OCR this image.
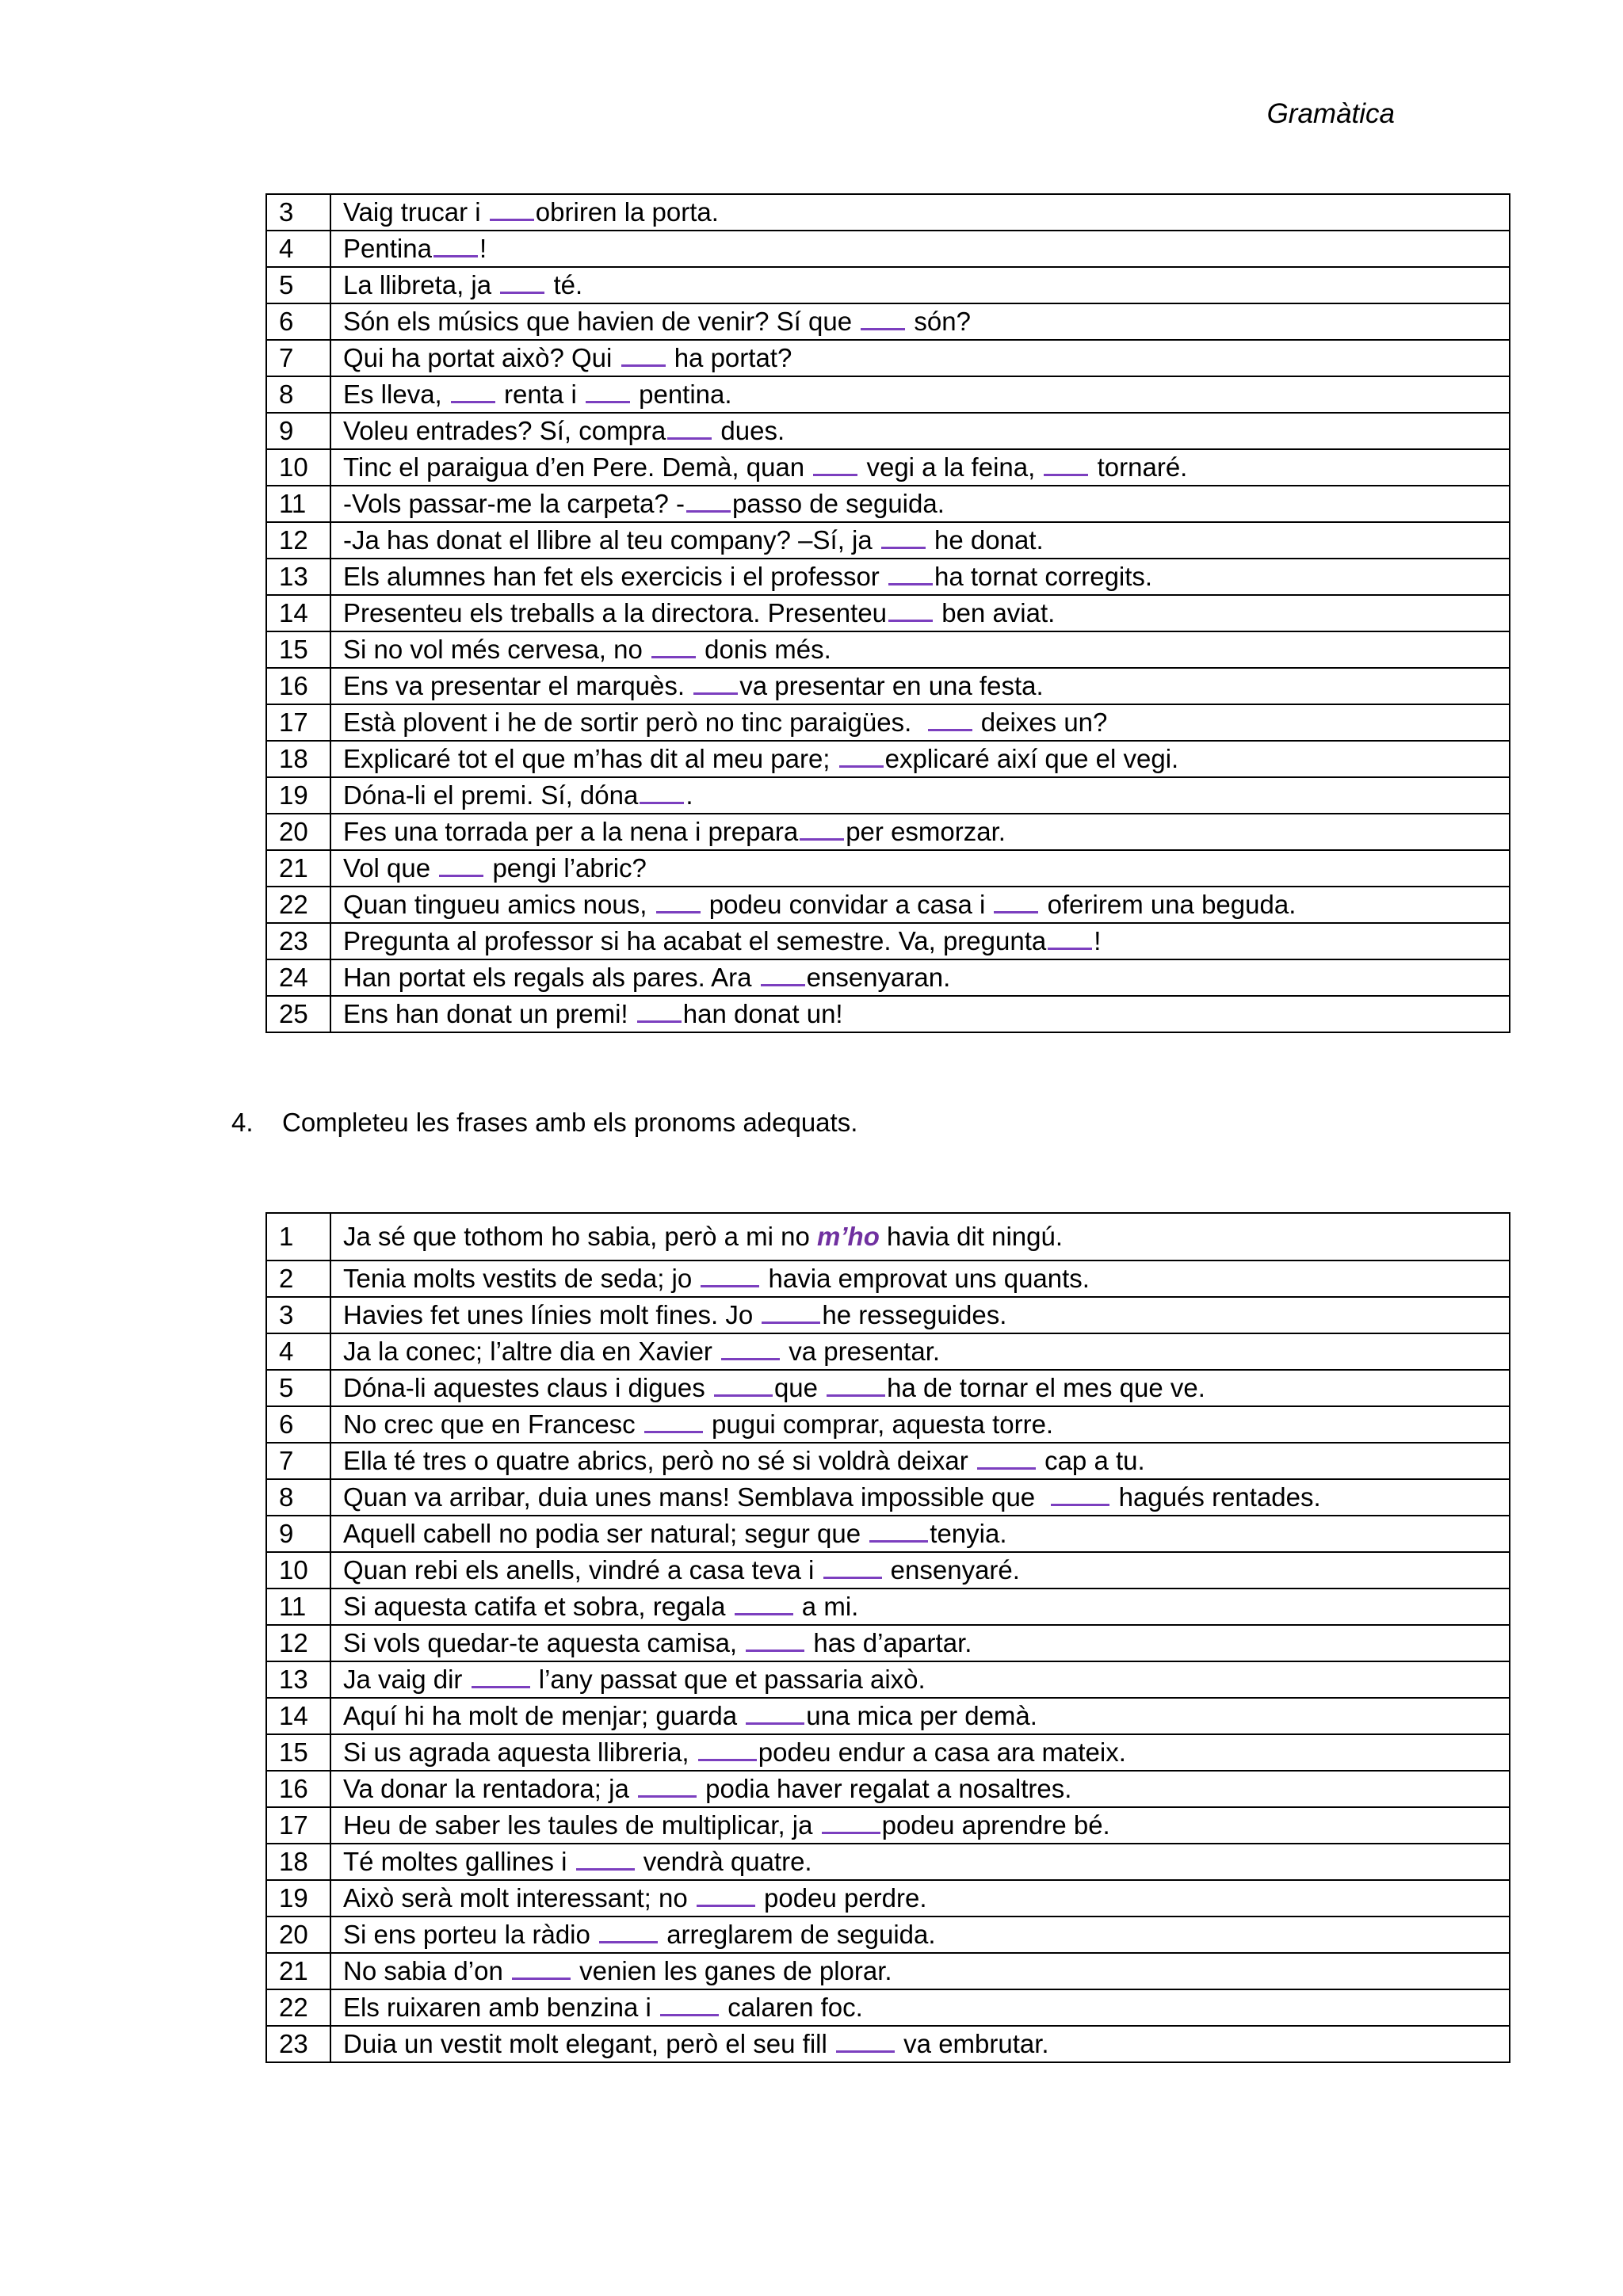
Gramàtica
3	Vaig trucar i obriren la porta.
4	Pentina !
5	La llibreta, ja  té.
6	Són els músics que havien de venir? Sí que  són?
7	Qui ha portat això? Qui  ha portat?
8	Es lleva,  renta i  pentina.
9	Voleu entrades? Sí, compra dues.
10	Tinc el paraigua d’en Pere. Demà, quan  vegi a la feina,  tornaré.
11	-Vols passar-me la carpeta? - passo de seguida.
12	-Ja has donat el llibre al teu company? –Sí, ja  he donat.
13	Els alumnes han fet els exercicis i el professor ha tornat corregits.
14	Presenteu els treballs a la directora. Presenteu ben aviat.
15	Si no vol més cervesa, no  donis més.
16	Ens va presentar el marquès. va presentar en una festa.
17	Està plovent i he de sortir però no tinc paraigües.   deixes un?
18	Explicaré tot el que m’has dit al meu pare; explicaré així que el vegi.
19	Dóna-li el premi. Sí, dóna .
20	Fes una torrada per a la nena i prepara per esmorzar.
21	Vol que  pengi l’abric?
22	Quan tingueu amics nous,  podeu convidar a casa i  oferirem una beguda.
23	Pregunta al professor si ha acabat el semestre. Va, pregunta !
24	Han portat els regals als pares. Ara ensenyaran.
25	Ens han donat un premi! han donat un!
4. Completeu les frases amb els pronoms adequats.
1	Ja sé que tothom ho sabia, però a mi no m’ho havia dit ningú.
2	Tenia molts vestits de seda; jo  havia emprovat uns quants.
3	Havies fet unes línies molt fines. Jo he resseguides.
4	Ja la conec; l’altre dia en Xavier  va presentar.
5	Dóna-li aquestes claus i digues que ha de tornar el mes que ve.
6	No crec que en Francesc  pugui comprar, aquesta torre.
7	Ella té tres o quatre abrics, però no sé si voldrà deixar  cap a tu.
8	Quan va arribar, duia unes mans! Semblava impossible que   hagués rentades.
9	Aquell cabell no podia ser natural; segur que tenyia.
10	Quan rebi els anells, vindré a casa teva i  ensenyaré.
11	Si aquesta catifa et sobra, regala  a mi.
12	Si vols quedar-te aquesta camisa,  has d’apartar.
13	Ja vaig dir  l’any passat que et passaria això.
14	Aquí hi ha molt de menjar; guarda una mica per demà.
15	Si us agrada aquesta llibreria, podeu endur a casa ara mateix.
16	Va donar la rentadora; ja  podia haver regalat a nosaltres.
17	Heu de saber les taules de multiplicar, ja podeu aprendre bé.
18	Té moltes gallines i  vendrà quatre.
19	Això serà molt interessant; no  podeu perdre.
20	Si ens porteu la ràdio  arreglarem de seguida.
21	No sabia d’on  venien les ganes de plorar.
22	Els ruixaren amb benzina i  calaren foc.
23	Duia un vestit molt elegant, però el seu fill  va embrutar.
